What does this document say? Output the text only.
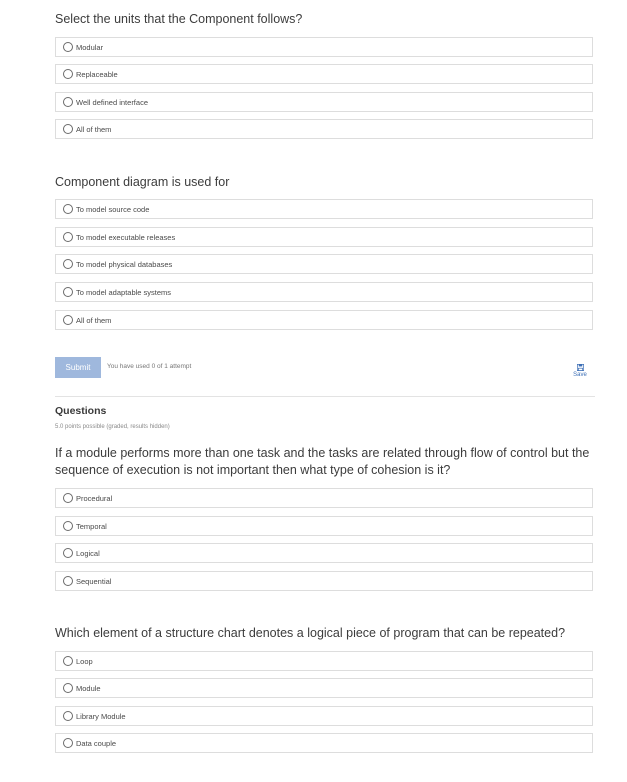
Select the units that the Component follows?
Modular
Replaceable
Well defined interface
All of them
Component diagram is used for
To model source code
To model executable releases
To model physical databases
To model adaptable systems
All of them
Submit	You have used 0 of 1 attempt
Save
Questions
5.0 points possible (graded, results hidden)
If a module performs more than one task and the tasks are related through flow of control but the sequence of execution is not important then what type of cohesion is it?
Procedural
Temporal
Logical
Sequential
Which element of a structure chart denotes a logical piece of program that can be repeated?
Loop
Module
Library Module
Data couple
